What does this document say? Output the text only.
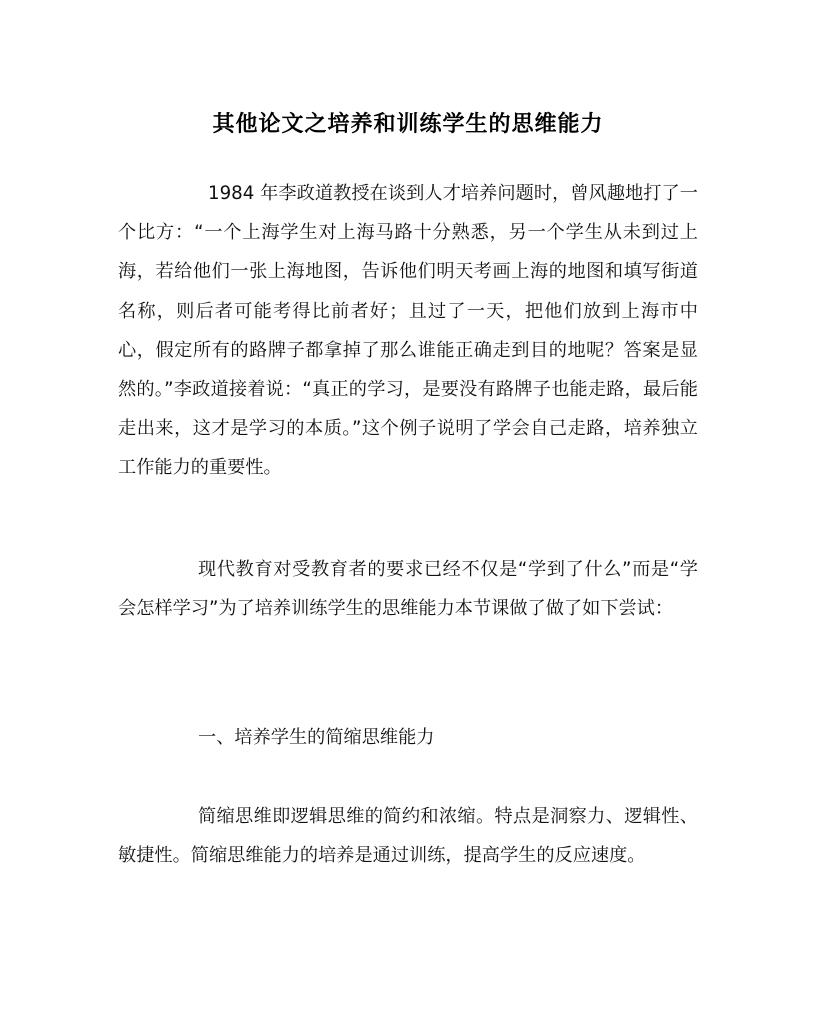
其他论文之培养和训练学生的思维能力

1984 年李政道教授在谈到人才培养问题时，曾风趣地打了一个比方：“一个上海学生对上海马路十分熟悉，另一个学生从未到过上海，若给他们一张上海地图，告诉他们明天考画上海的地图和填写街道名称，则后者可能考得比前者好；且过了一天，把他们放到上海市中心，假定所有的路牌子都拿掉了那么谁能正确走到目的地呢？答案是显然的。”李政道接着说：“真正的学习，是要没有路牌子也能走路，最后能走出来，这才是学习的本质。”这个例子说明了学会自己走路，培养独立工作能力的重要性。

现代教育对受教育者的要求已经不仅是“学到了什么”而是“学会怎样学习”为了培养训练学生的思维能力本节课做了做了如下尝试：

一、培养学生的简缩思维能力

简缩思维即逻辑思维的简约和浓缩。特点是洞察力、逻辑性、敏捷性。简缩思维能力的培养是通过训练，提高学生的反应速度。
